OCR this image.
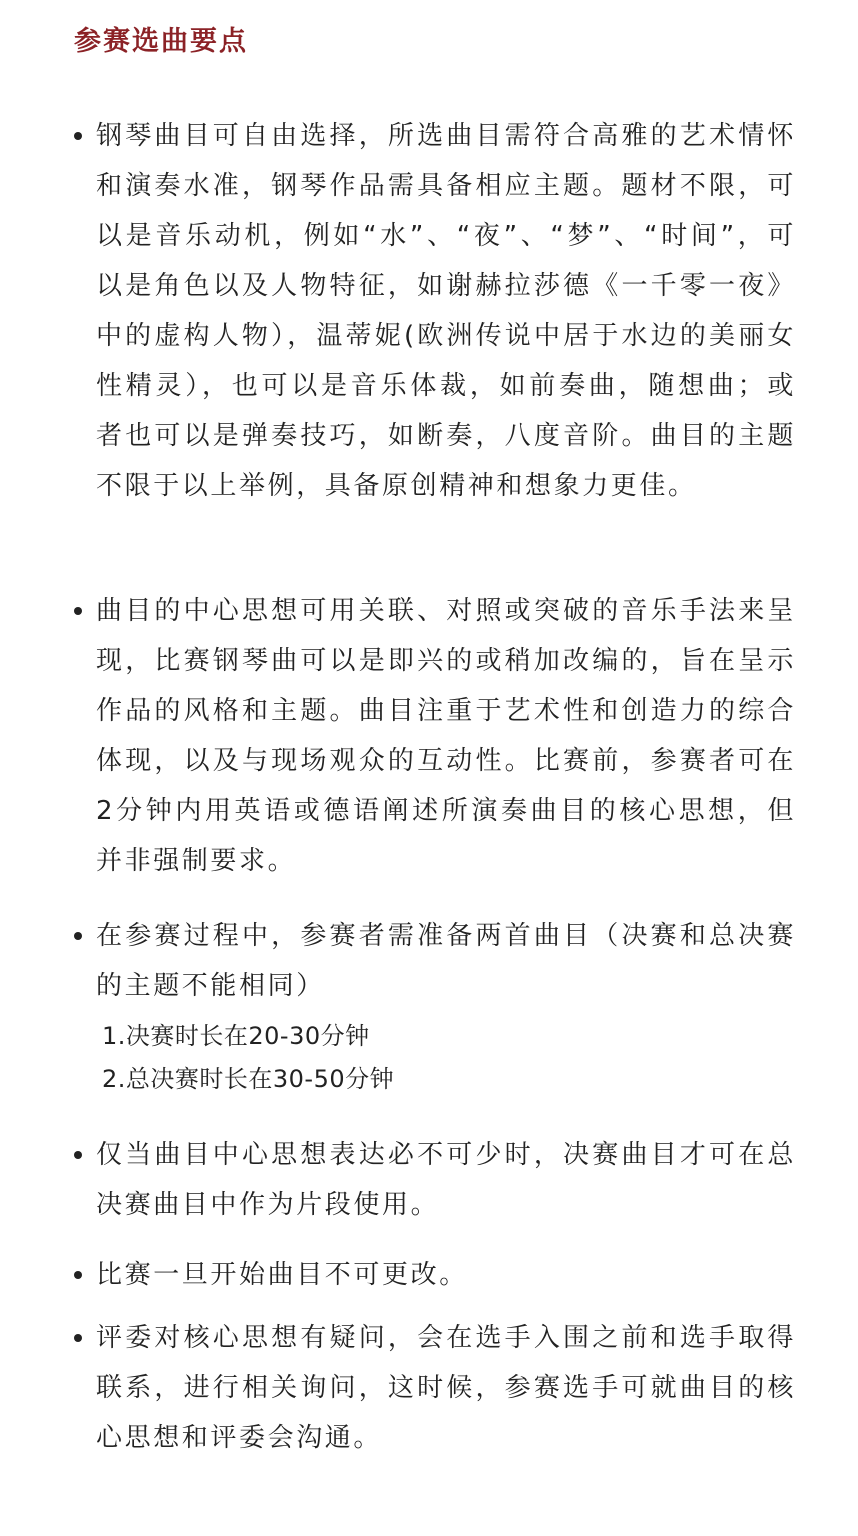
参赛选曲要点
钢琴曲目可自由选择，所选曲目需符合高雅的艺术情怀和演奏水准，钢琴作品需具备相应主题。题材不限，可以是音乐动机，例如“水”、“夜”、“梦”、“时间”，可以是角色以及人物特征，如谢赫拉莎德《一千零一夜》中的虚构人物），温蒂妮(欧洲传说中居于水边的美丽女性精灵），也可以是音乐体裁，如前奏曲，随想曲；或者也可以是弹奏技巧，如断奏，八度音阶。曲目的主题不限于以上举例，具备原创精神和想象力更佳。
曲目的中心思想可用关联、对照或突破的音乐手法来呈现，比赛钢琴曲可以是即兴的或稍加改编的，旨在呈示作品的风格和主题。曲目注重于艺术性和创造力的综合体现，以及与现场观众的互动性。比赛前，参赛者可在2分钟内用英语或德语阐述所演奏曲目的核心思想，但并非强制要求。
在参赛过程中，参赛者需准备两首曲目（决赛和总决赛的主题不能相同）
1.决赛时长在20-30分钟
2.总决赛时长在30-50分钟
仅当曲目中心思想表达必不可少时，决赛曲目才可在总决赛曲目中作为片段使用。
比赛一旦开始曲目不可更改。
评委对核心思想有疑问，会在选手入围之前和选手取得联系，进行相关询问，这时候，参赛选手可就曲目的核心思想和评委会沟通。
